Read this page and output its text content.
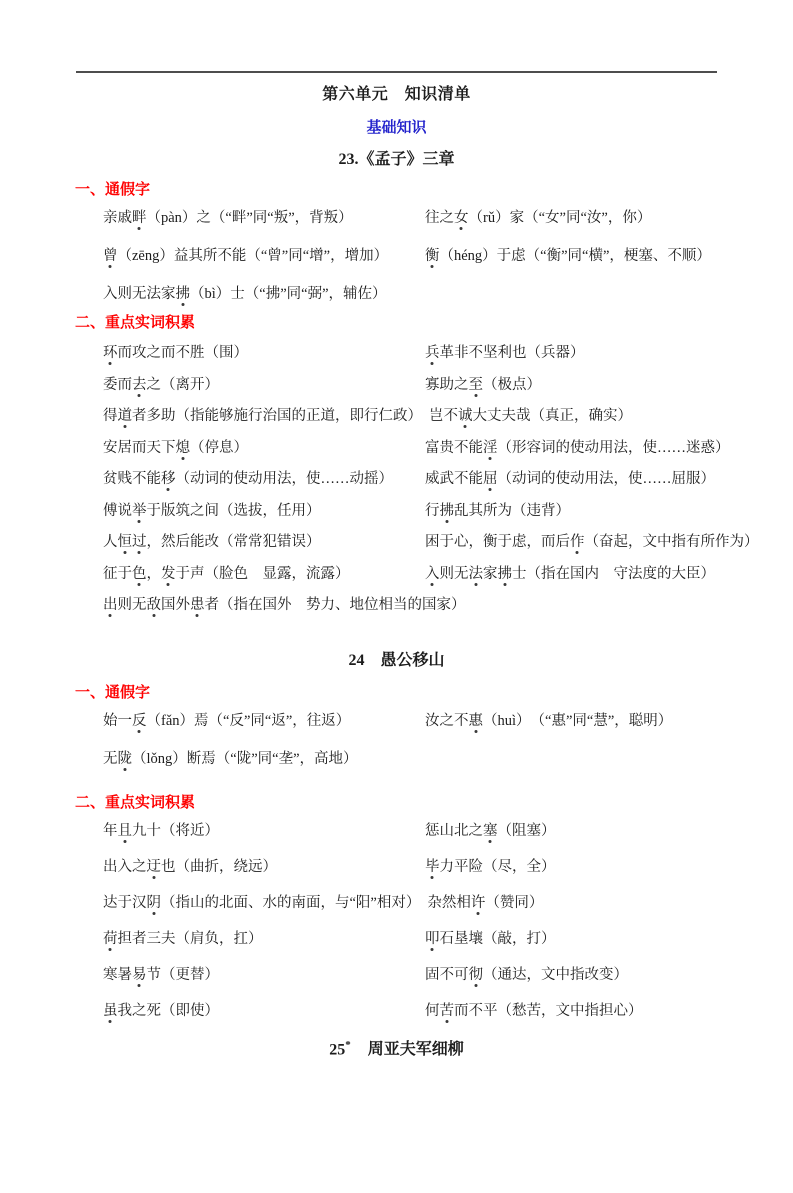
第六单元　知识清单
基础知识
23.《孟子》三章
一、通假字
亲戚畔（pàn）之（“畔”同“叛”，背叛）	往之女（rǔ）家（“女”同“汝”，你）
曾（zēng）益其所不能（“曾”同“增”，增加）	衡（héng）于虑（“衡”同“横”，梗塞、不顺）
入则无法家拂（bì）士（“拂”同“弼”，辅佐）
二、重点实词积累
环而攻之而不胜（围）	兵革非不坚利也（兵器）
委而去之（离开）	寡助之至（极点）
得道者多助（指能够施行治国的正道，即行仁政） 岂不诚大丈夫哉（真正，确实）
安居而天下熄（停息）	富贵不能淫（形容词的使动用法，使……迷惑）
贫贱不能移（动词的使动用法，使……动摇）	威武不能屈（动词的使动用法，使……屈服）
傅说举于版筑之间（选拔，任用）	行拂乱其所为（违背）
人恒过，然后能改（常常犯错误）	困于心，衡于虑，而后作（奋起，文中指有所作为）
征于色，发于声（脸色　显露，流露）	入则无法家拂士（指在国内　守法度的大臣）
出则无敌国外患者（指在国外　势力、地位相当的国家）
24　愚公移山
一、通假字
始一反（fǎn）焉（“反”同“返”，往返）	汝之不惠（huì）　（“惠”同“慧”，聪明）
无陇（lǒng）断焉（“陇”同“垄”，高地）
二、重点实词积累
年且九十（将近）	惩山北之塞（阻塞）
出入之迂也（曲折，绕远）	毕力平险（尽，全）
达于汉阴（指山的北面、水的南面，与“阳”相对） 杂然相许（赞同）
荷担者三夫（肩负，扛）	叩石垦壤（敲，打）
寒暑易节（更替）	固不可彻（通达，文中指改变）
虽我之死（即使）	何苦而不平（愁苦，文中指担心）
25* 周亚夫军细柳
